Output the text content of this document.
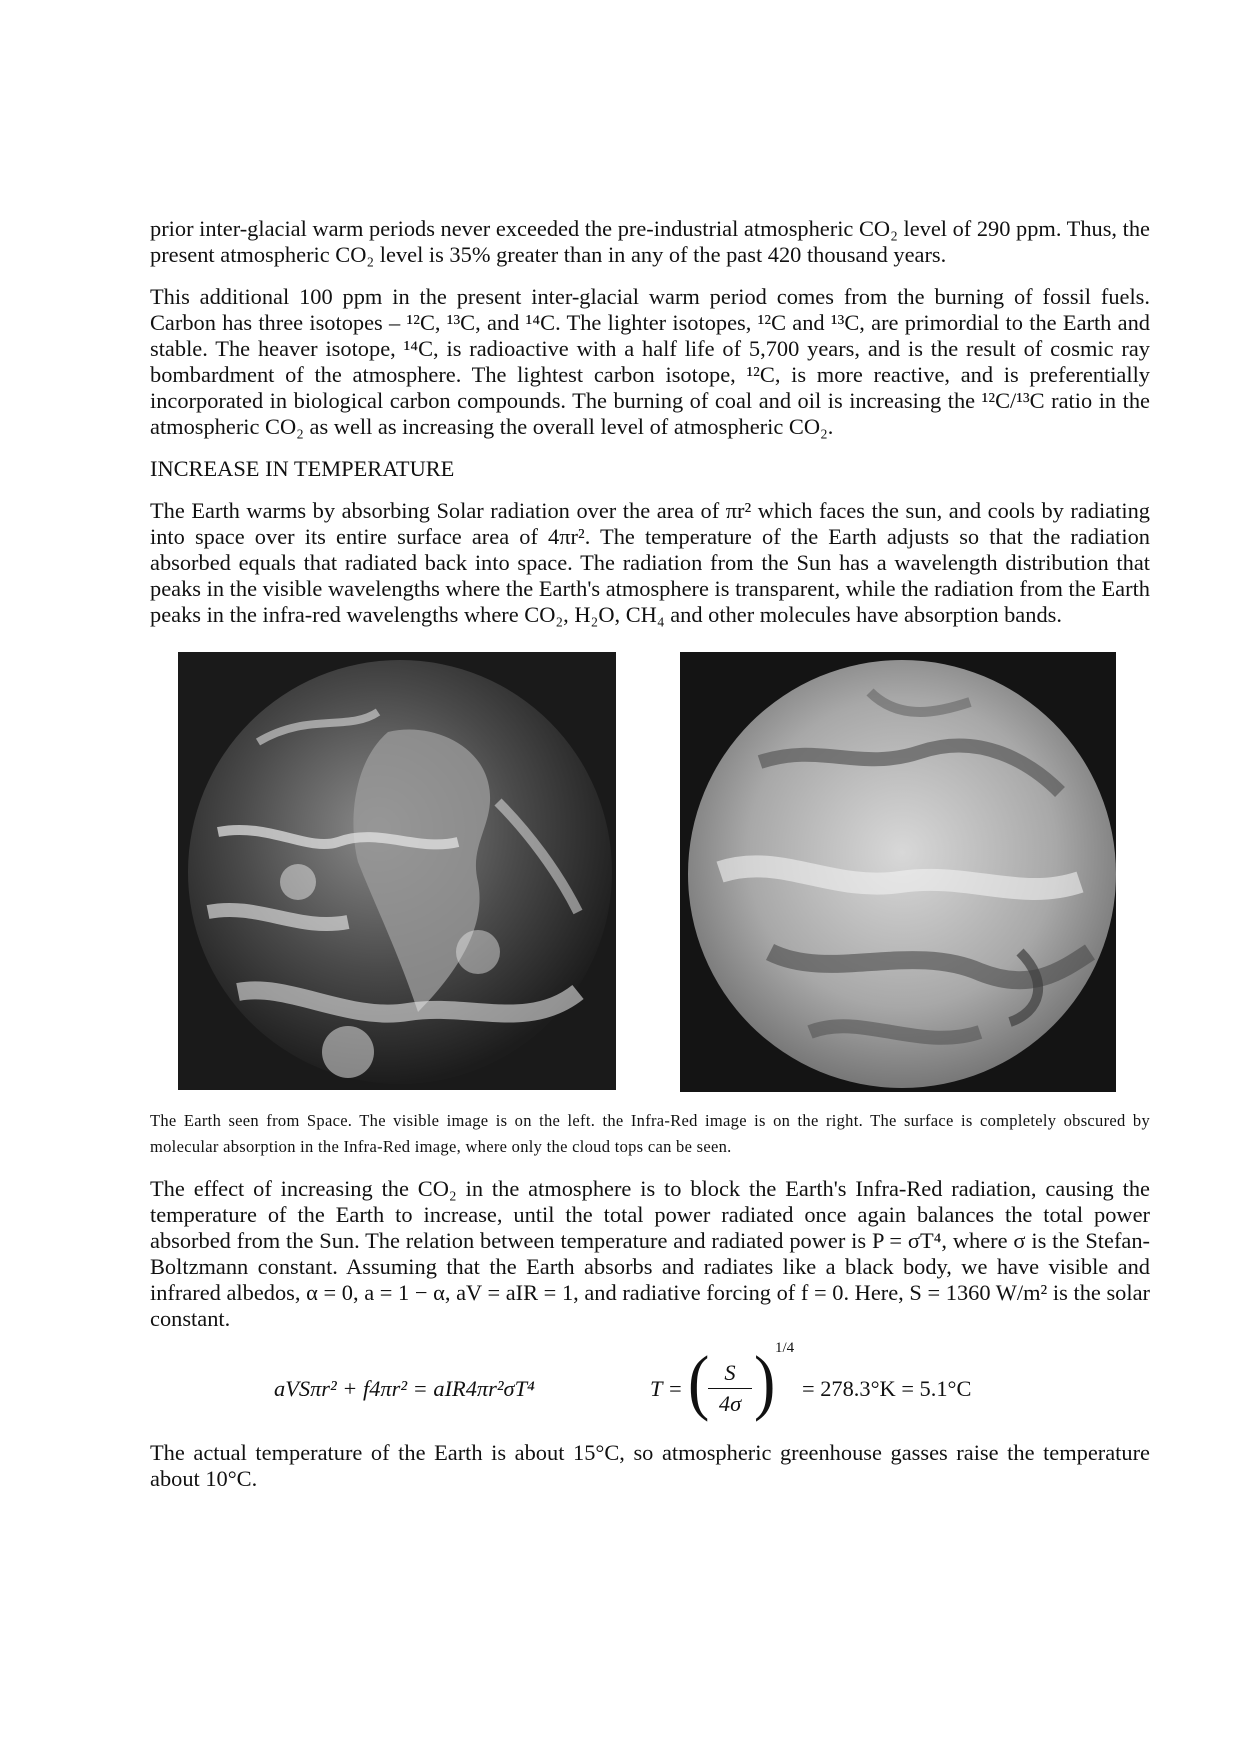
prior inter-glacial warm periods never exceeded the pre-industrial atmospheric CO₂ level of 290 ppm. Thus, the present atmospheric CO₂ level is 35% greater than in any of the past 420 thousand years.

This additional 100 ppm in the present inter-glacial warm period comes from the burning of fossil fuels. Carbon has three isotopes – ¹²C, ¹³C, and ¹⁴C. The lighter isotopes, ¹²C and ¹³C, are primordial to the Earth and stable. The heaver isotope, ¹⁴C, is radioactive with a half life of 5,700 years, and is the result of cosmic ray bombardment of the atmosphere. The lightest carbon isotope, ¹²C, is more reactive, and is preferentially incorporated in biological carbon compounds. The burning of coal and oil is increasing the ¹²C/¹³C ratio in the atmospheric CO₂ as well as increasing the overall level of atmospheric CO₂.

INCREASE IN TEMPERATURE

The Earth warms by absorbing Solar radiation over the area of πr² which faces the sun, and cools by radiating into space over its entire surface area of 4πr². The temperature of the Earth adjusts so that the radiation absorbed equals that radiated back into space. The radiation from the Sun has a wavelength distribution that peaks in the visible wavelengths where the Earth's atmosphere is transparent, while the radiation from the Earth peaks in the infra-red wavelengths where CO₂, H₂O, CH₄ and other molecules have absorption bands.

The Earth seen from Space. The visible image is on the left. the Infra-Red image is on the right. The surface is completely obscured by molecular absorption in the Infra-Red image, where only the cloud tops can be seen.

The effect of increasing the CO₂ in the atmosphere is to block the Earth's Infra-Red radiation, causing the temperature of the Earth to increase, until the total power radiated once again balances the total power absorbed from the Sun. The relation between temperature and radiated power is P = σT⁴, where σ is the Stefan-Boltzmann constant. Assuming that the Earth absorbs and radiates like a black body, we have visible and infrared albedos, α = 0, a = 1 − α, aV = aIR = 1, and radiative forcing of f = 0. Here, S = 1360 W/m² is the solar constant.

aVSπr² + f4πr² = aIR4πr²σT⁴	T = (
$\frac{S}{4\sigma}$ ) 1/4
= 278.3°K = 5.1°C

The actual temperature of the Earth is about 15°C, so atmospheric greenhouse gasses raise the temperature about 10°C.
